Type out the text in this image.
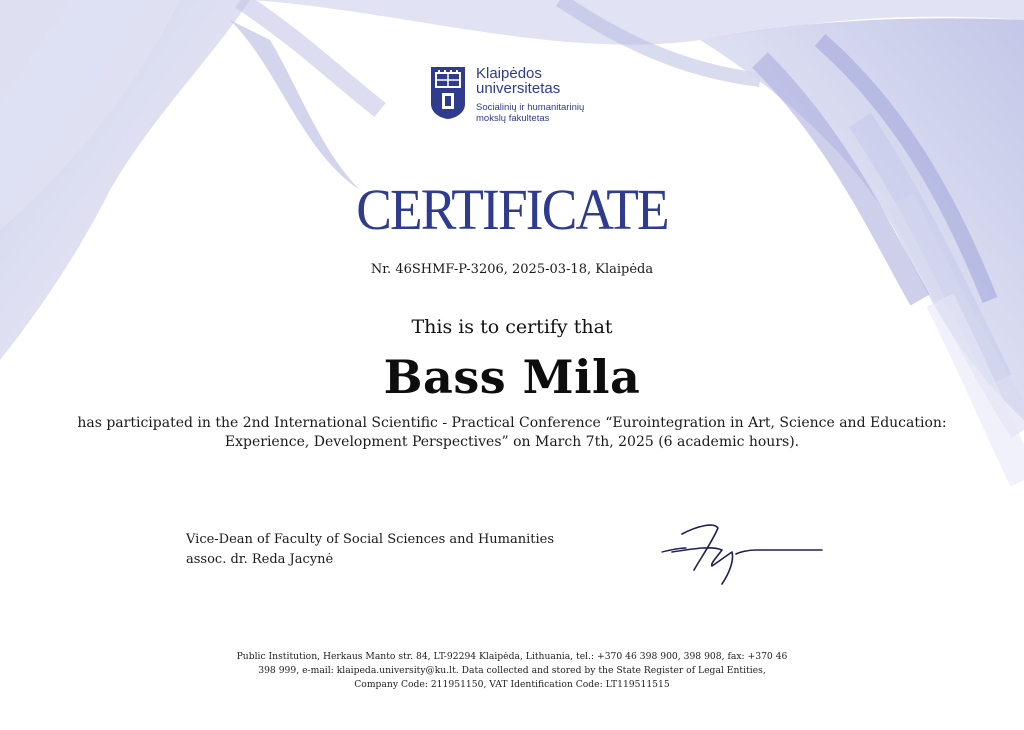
Klaipėdos
universitetas
Socialinių ir humanitarinių
mokslų fakultetas
CERTIFICATE
Nr. 46SHMF-P-3206, 2025-03-18, Klaipėda
This is to certify that
Bass Mila
has participated in the 2nd International Scientific - Practical Conference “Eurointegration in Art, Science and Education:
Experience, Development Perspectives” on March 7th, 2025 (6 academic hours).
Vice-Dean of Faculty of Social Sciences and Humanities
assoc. dr. Reda Jacynė
Public Institution, Herkaus Manto str. 84, LT-92294 Klaipėda, Lithuania, tel.: +370 46 398 900, 398 908, fax: +370 46
398 999, e-mail: klaipeda.university@ku.lt. Data collected and stored by the State Register of Legal Entities,
Company Code: 211951150, VAT Identification Code: LT119511515
